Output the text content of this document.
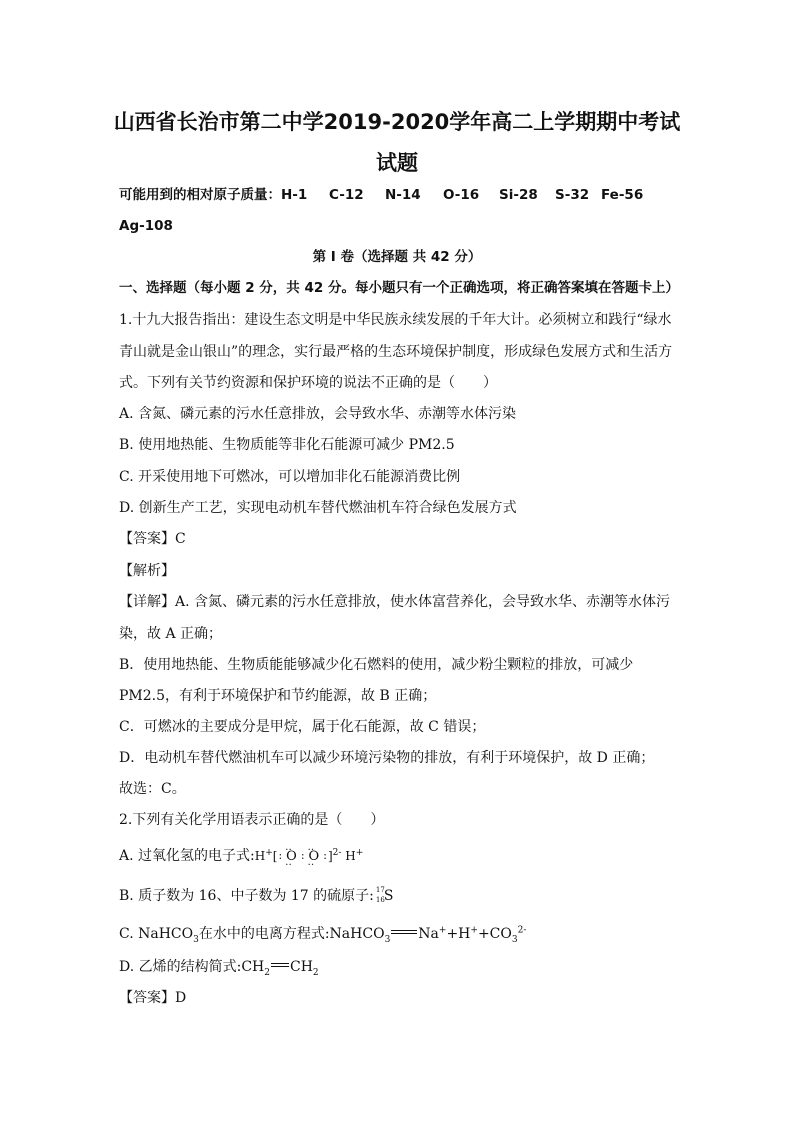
山西省长治市第二中学2019-2020学年高二上学期期中考试
试题
可能用到的相对原子质量：H-1 C-12 N-14 O-16 Si-28 S-32 Fe-56
Ag-108
第 I 卷（选择题 共 42 分）
一、选择题（每小题 2 分，共 42 分。每小题只有一个正确选项，将正确答案填在答题卡上）
1.十九大报告指出：建设生态文明是中华民族永续发展的千年大计。必须树立和践行“绿水
青山就是金山银山”的理念，实行最严格的生态环境保护制度，形成绿色发展方式和生活方
式。下列有关节约资源和保护环境的说法不正确的是（　　）
A. 含氮、磷元素的污水任意排放，会导致水华、赤潮等水体污染
B. 使用地热能、生物质能等非化石能源可减少 PM2.5
C. 开采使用地下可燃冰，可以增加非化石能源消费比例
D. 创新生产工艺，实现电动机车替代燃油机车符合绿色发展方式
【答案】C
【解析】
【详解】A. 含氮、磷元素的污水任意排放，使水体富营养化，会导致水华、赤潮等水体污
染，故 A 正确；
B．使用地热能、生物质能能够减少化石燃料的使用，减少粉尘颗粒的排放，可减少
PM2.5，有利于环境保护和节约能源，故 B 正确；
C．可燃冰的主要成分是甲烷，属于化石能源，故 C 错误；
D．电动机车替代燃油机车可以减少环境污染物的排放，有利于环境保护，故 D 正确；
故选：C。
2.下列有关化学用语表示正确的是（　　）
A. 过氧化氢的电子式:H+[: ‥ O ‥ : ‥ O ‥ :]$^{2-}$ H+
B. 质子数为 16、中子数为 17 的硫原子: 17
16 S
C. NaHCO$_3$在水中的电离方程式:NaHCO$_3$ $Na^++H^++CO_3^{2-}$
D. 乙烯的结构简式$:CH_2$ $CH_2$
【答案】D
